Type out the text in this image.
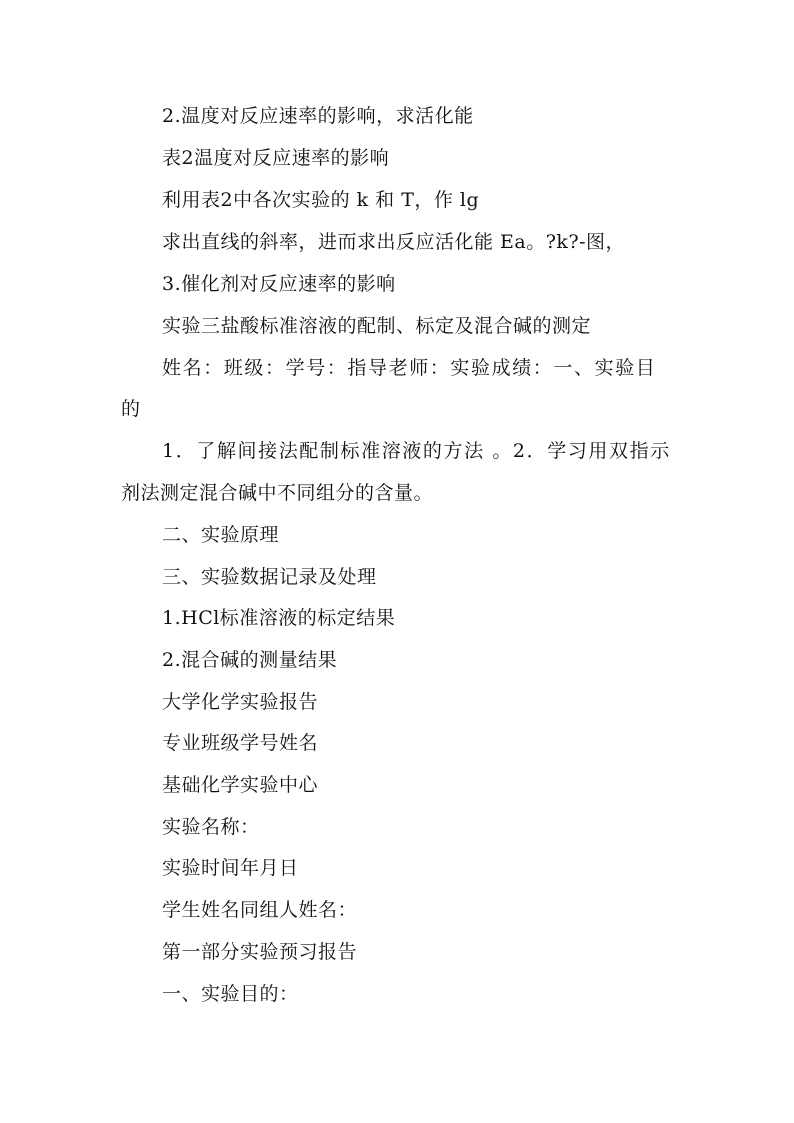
2.温度对反应速率的影响，求活化能
表2温度对反应速率的影响
利用表2中各次实验的 k 和 T，作 lg
求出直线的斜率，进而求出反应活化能 Ea。?k?-图，
3.催化剂对反应速率的影响
实验三盐酸标准溶液的配制、标定及混合碱的测定
姓名：班级：学号：指导老师：实验成绩：一、实验目
的
1．了解间接法配制标准溶液的方法 。2．学习用双指示
剂法测定混合碱中不同组分的含量。
二、实验原理
三、实验数据记录及处理
1.HCl标准溶液的标定结果
2.混合碱的测量结果
大学化学实验报告
专业班级学号姓名
基础化学实验中心
实验名称：
实验时间年月日
学生姓名同组人姓名：
第一部分实验预习报告
一、实验目的：
